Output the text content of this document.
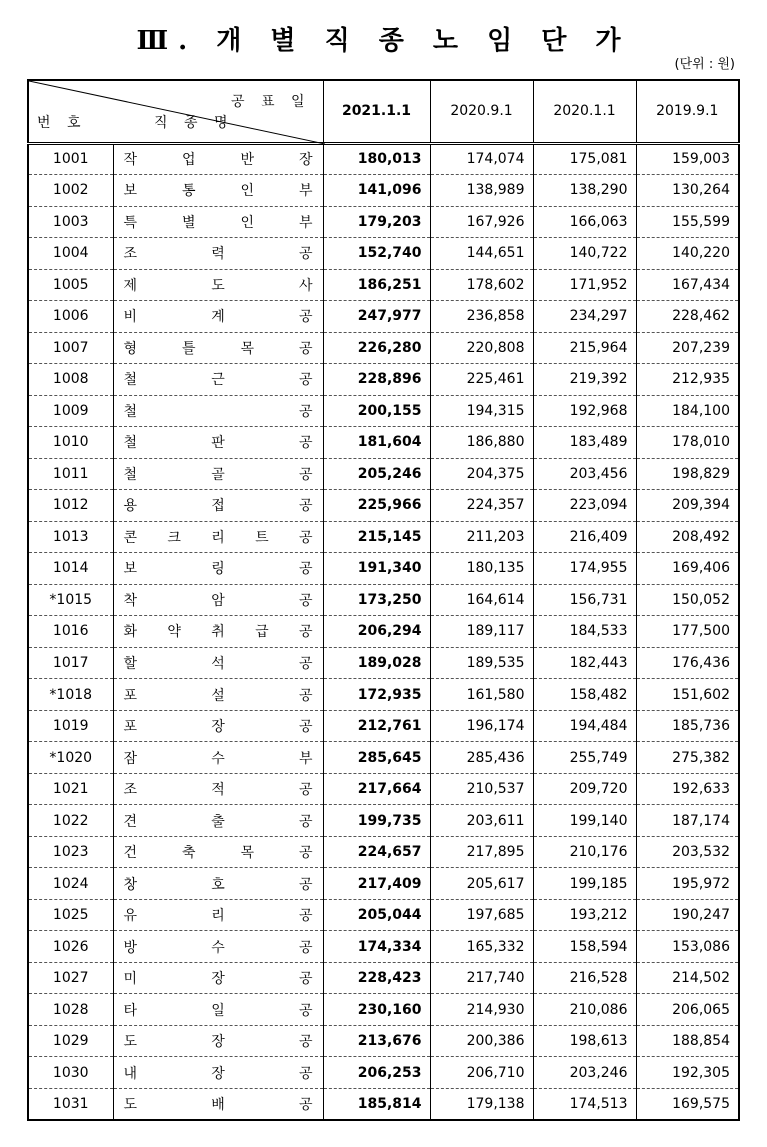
Ⅲ. 개 별 직 종 노 임 단 가
(단위 : 원)
공 표 일
번 호 직 종 명		2021.1.1	2020.9.1	2020.1.1	2019.9.1
1001	작 업 반 장	180,013	174,074	175,081	159,003
1002	보 통 인 부	141,096	138,989	138,290	130,264
1003	특 별 인 부	179,203	167,926	166,063	155,599
1004	조 력 공	152,740	144,651	140,722	140,220
1005	제 도 사	186,251	178,602	171,952	167,434
1006	비 계 공	247,977	236,858	234,297	228,462
1007	형 틀 목 공	226,280	220,808	215,964	207,239
1008	철 근 공	228,896	225,461	219,392	212,935
1009	철 공	200,155	194,315	192,968	184,100
1010	철 판 공	181,604	186,880	183,489	178,010
1011	철 골 공	205,246	204,375	203,456	198,829
1012	용 접 공	225,966	224,357	223,094	209,394
1013	콘 크 리 트 공	215,145	211,203	216,409	208,492
1014	보 링 공	191,340	180,135	174,955	169,406
*1015	착 암 공	173,250	164,614	156,731	150,052
1016	화 약 취 급 공	206,294	189,117	184,533	177,500
1017	할 석 공	189,028	189,535	182,443	176,436
*1018	포 설 공	172,935	161,580	158,482	151,602
1019	포 장 공	212,761	196,174	194,484	185,736
*1020	잠 수 부	285,645	285,436	255,749	275,382
1021	조 적 공	217,664	210,537	209,720	192,633
1022	견 출 공	199,735	203,611	199,140	187,174
1023	건 축 목 공	224,657	217,895	210,176	203,532
1024	창 호 공	217,409	205,617	199,185	195,972
1025	유 리 공	205,044	197,685	193,212	190,247
1026	방 수 공	174,334	165,332	158,594	153,086
1027	미 장 공	228,423	217,740	216,528	214,502
1028	타 일 공	230,160	214,930	210,086	206,065
1029	도 장 공	213,676	200,386	198,613	188,854
1030	내 장 공	206,253	206,710	203,246	192,305
1031	도 배 공	185,814	179,138	174,513	169,575
